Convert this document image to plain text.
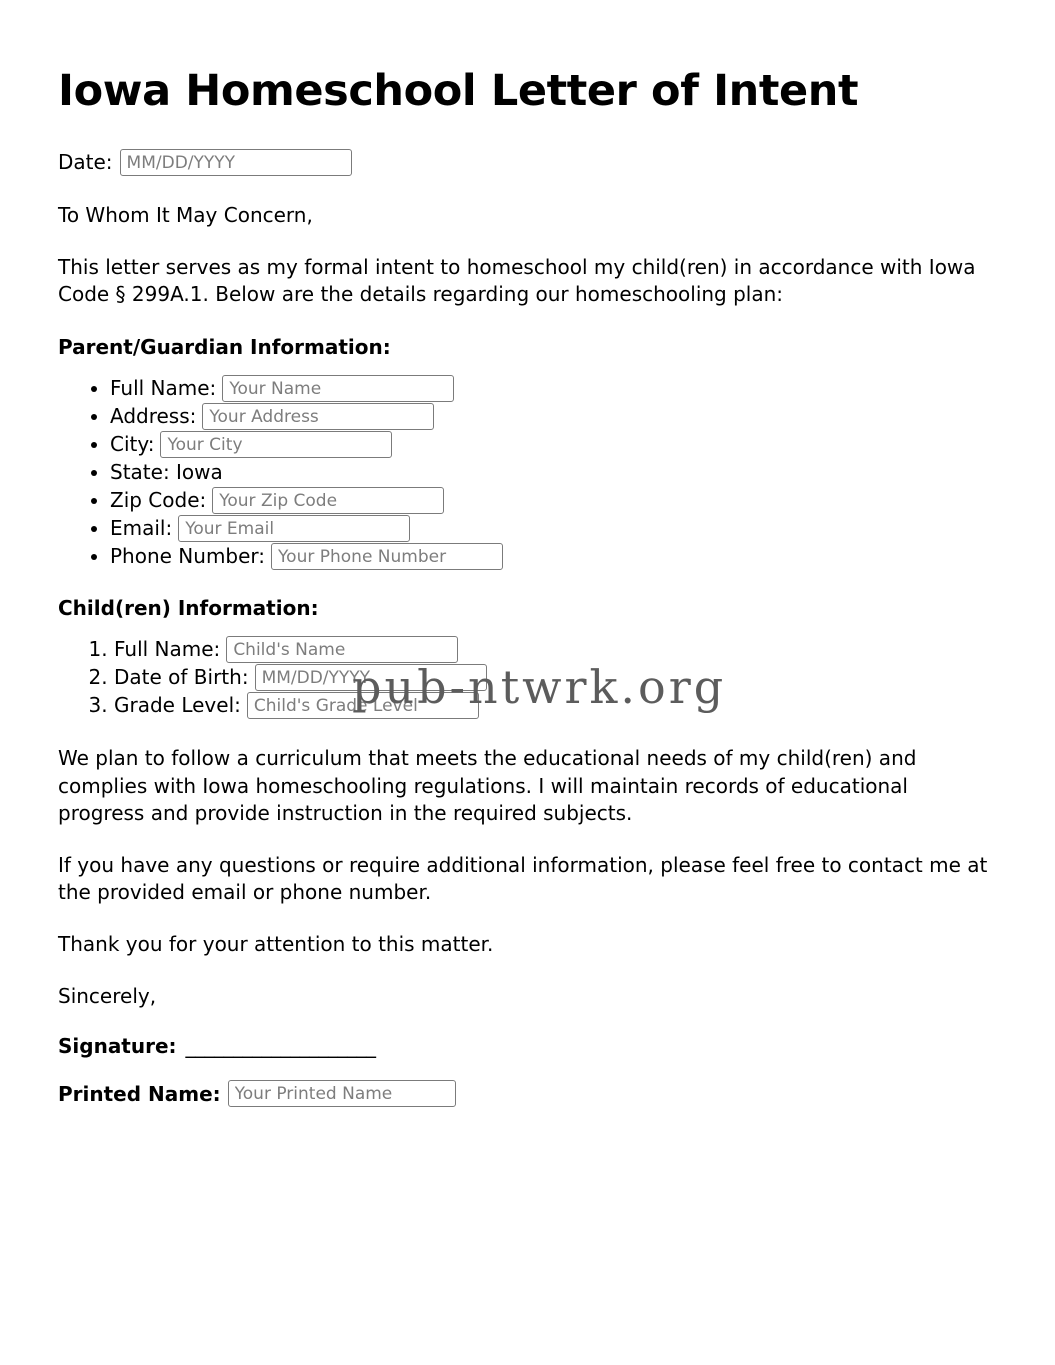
Iowa Homeschool Letter of Intent
Date:
MM/DD/YYYY

To Whom It May Concern,

This letter serves as my formal intent to homeschool my child(ren) in accordance with Iowa Code § 299A.1. Below are the details regarding our homeschooling plan:

Parent/Guardian Information:
• Full Name:
Your Name
• Address:
Your Address
• City:
Your City
• State: Iowa
• Zip Code:
Your Zip Code
• Email:
Your Email
• Phone Number:
Your Phone Number
Child(ren) Information:
1. Full Name:
Child's Name
2. Date of Birth:
MM/DD/YYYY
3. Grade Level:
Child's Grade Level

We plan to follow a curriculum that meets the educational needs of my child(ren) and complies with Iowa homeschooling regulations. I will maintain records of educational progress and provide instruction in the required subjects.

If you have any questions or require additional information, please feel free to contact me at the provided email or phone number.

Thank you for your attention to this matter.

Sincerely,

Signature: ____________________
Printed Name:
Your Printed Name
pub-ntwrk.org
